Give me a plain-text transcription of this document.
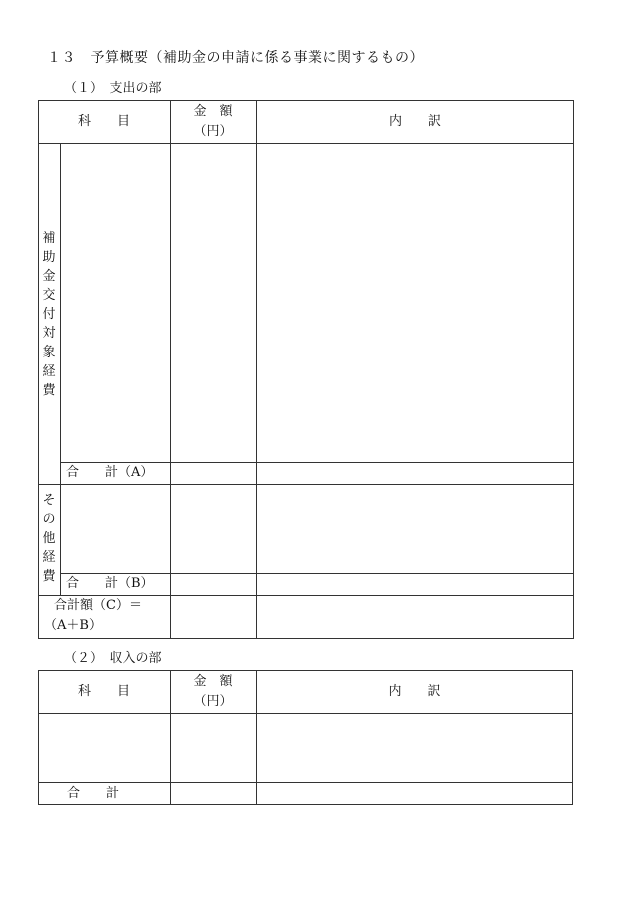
１３　予算概要（補助金の申請に係る事業に関するもの）
（１）　支出の部
科　　目
金　額
（円）
内　　訳
補助金交付対象経費
その他経費
合　　計（A）
合　　計（B）
合計額（C）＝
（A＋B）
（２）　収入の部
科　　目
金　額
（円）
内　　訳
合　　計
